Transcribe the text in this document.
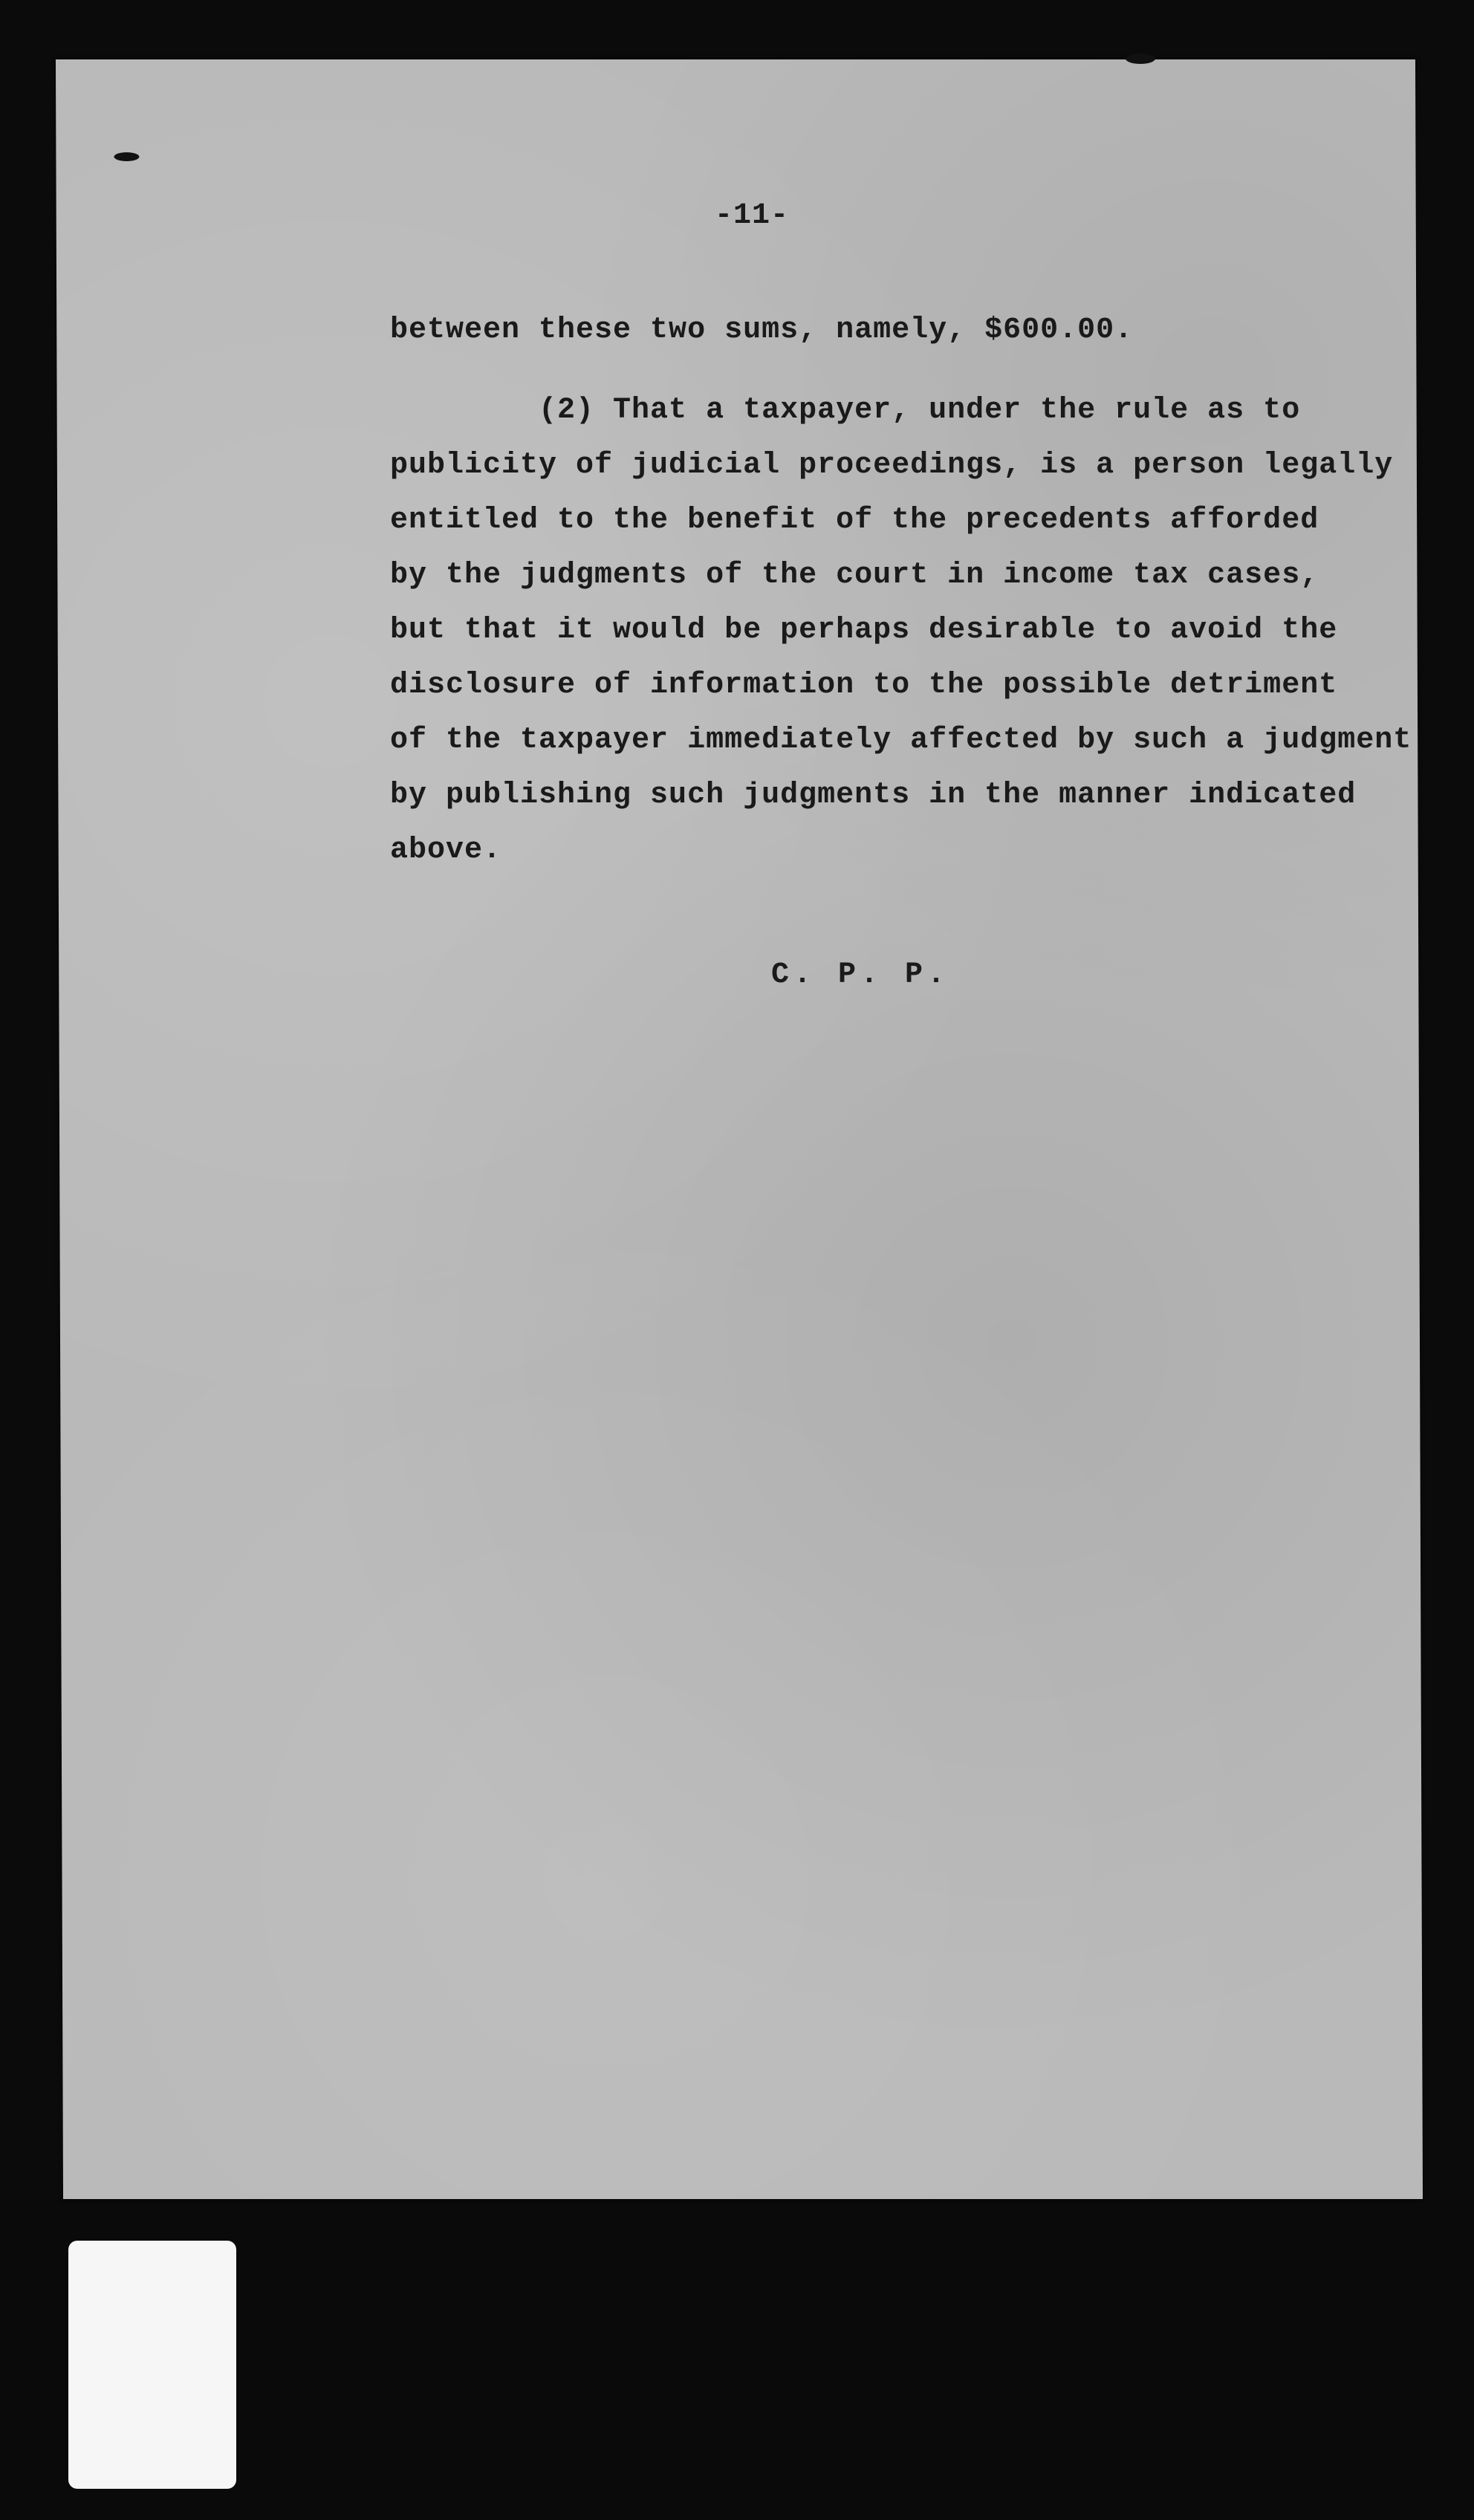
-11-
between these two sums, namely, $600.00.
(2) That a taxpayer, under the rule as to
publicity of judicial proceedings, is a person legally
entitled to the benefit of the precedents afforded
by the judgments of the court in income tax cases,
but that it would be perhaps desirable to avoid the
disclosure of information to the possible detriment
of the taxpayer immediately affected by such a judgment
by publishing such judgments in the manner indicated
above.
C. P. P.
